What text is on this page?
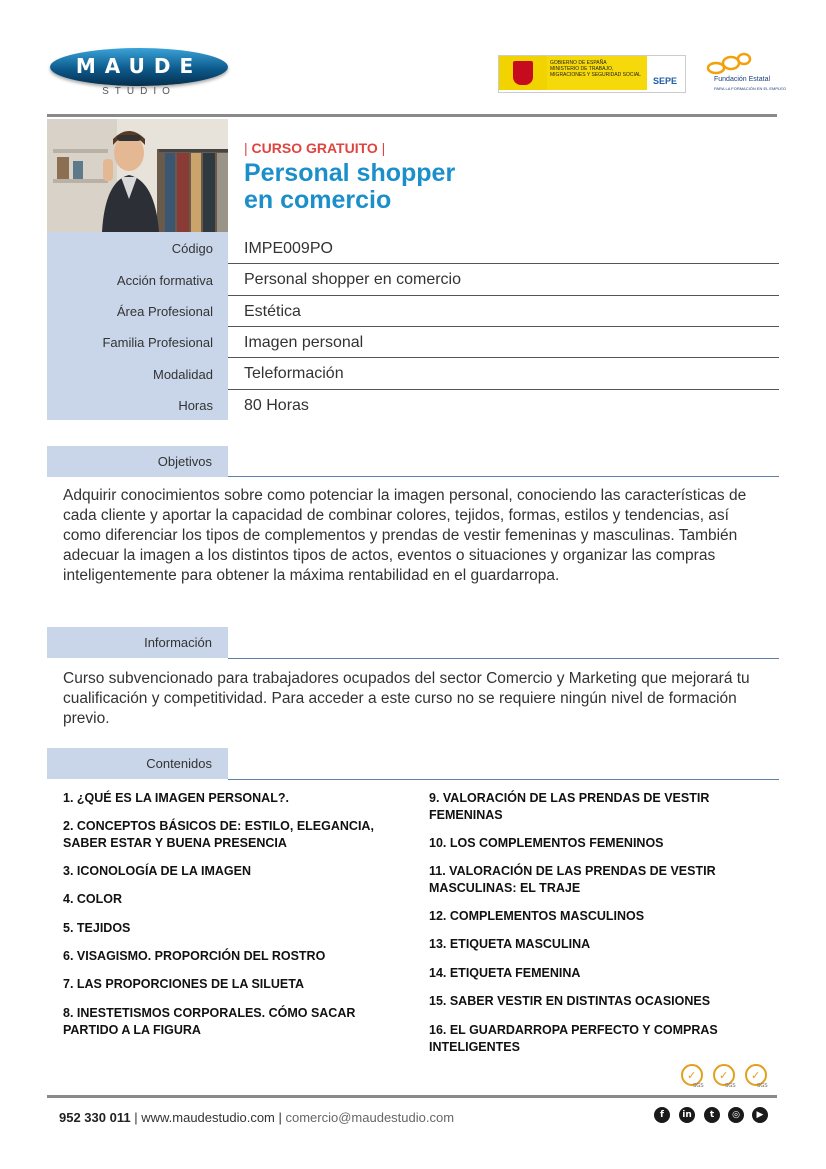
MAUDE
STUDIO
GOBIERNO DE ESPAÑA
MINISTERIO DE TRABAJO, MIGRACIONES Y SEGURIDAD SOCIAL
SEPE	Fundación Estatal
PARA LA FORMACIÓN EN EL EMPLEO
| CURSO GRATUITO |
Personal shopper
en comercio
Código IMPE009PO
Acción formativa Personal shopper en comercio
Área Profesional Estética
Familia Profesional Imagen personal
Modalidad Teleformación
Horas 80 Horas
Objetivos
Adquirir conocimientos sobre como potenciar la imagen personal, conociendo las características de cada cliente y aportar la capacidad de combinar colores, tejidos, formas, estilos y tendencias, así como diferenciar los tipos de complementos y prendas de vestir femeninas y masculinas. También adecuar la imagen a los distintos tipos de actos, eventos o situaciones y organizar las compras inteligentemente para obtener la máxima rentabilidad en el guardarropa.
Información
Curso subvencionado para trabajadores ocupados del sector Comercio y Marketing que mejorará tu cualificación y competitividad. Para acceder a este curso no se requiere ningún nivel de formación previo.
Contenidos
1. ¿QUÉ ES LA IMAGEN PERSONAL?.
2. CONCEPTOS BÁSICOS DE: ESTILO, ELEGANCIA, SABER ESTAR Y BUENA PRESENCIA
3. ICONOLOGÍA DE LA IMAGEN
4. COLOR
5. TEJIDOS
6. VISAGISMO. PROPORCIÓN DEL ROSTRO
7. LAS PROPORCIONES DE LA SILUETA
8. INESTETISMOS CORPORALES. CÓMO SACAR PARTIDO A LA FIGURA
9. VALORACIÓN DE LAS PRENDAS DE VESTIR FEMENINAS
10. LOS COMPLEMENTOS FEMENINOS
11. VALORACIÓN DE LAS PRENDAS DE VESTIR MASCULINAS: EL TRAJE
12. COMPLEMENTOS MASCULINOS
13. ETIQUETA MASCULINA
14. ETIQUETA FEMENINA
15. SABER VESTIR EN DISTINTAS OCASIONES
16. EL GUARDARROPA PERFECTO Y COMPRAS INTELIGENTES
✓ ✓ ✓
SGS	SGS	SGS
952 330 011 | www.maudestudio.com | comercio@maudestudio.com	f	in	t	◎	▶
